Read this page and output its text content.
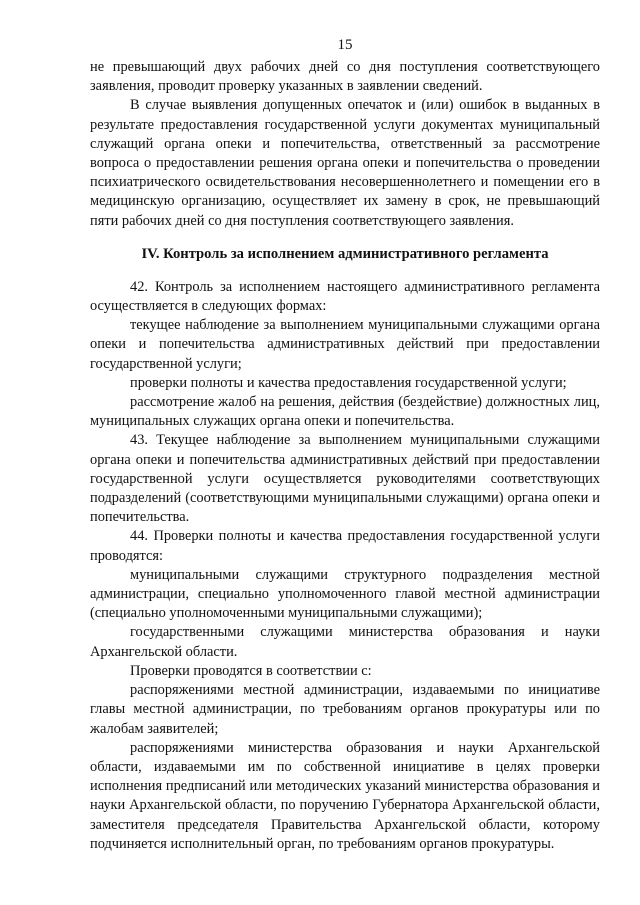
15

не превышающий двух рабочих дней со дня поступления соответствующего заявления, проводит проверку указанных в заявлении сведений.

В случае выявления допущенных опечаток и (или) ошибок в выданных в результате предоставления государственной услуги документах муниципальный служащий органа опеки и попечительства, ответственный за рассмотрение вопроса о предоставлении решения органа опеки и попечительства о проведении психиатрического освидетельствования несовершеннолетнего и помещении его в медицинскую организацию, осуществляет их замену в срок, не превышающий пяти рабочих дней со дня поступления соответствующего заявления.

IV. Контроль за исполнением административного регламента

42. Контроль за исполнением настоящего административного регламента осуществляется в следующих формах:

текущее наблюдение за выполнением муниципальными служащими органа опеки и попечительства административных действий при предоставлении государственной услуги;

проверки полноты и качества предоставления государственной услуги;

рассмотрение жалоб на решения, действия (бездействие) должностных лиц, муниципальных служащих органа опеки и попечительства.

43. Текущее наблюдение за выполнением муниципальными служащими органа опеки и попечительства административных действий при предоставлении государственной услуги осуществляется руководителями соответствующих подразделений (соответствующими муниципальными служащими) органа опеки и попечительства.

44. Проверки полноты и качества предоставления государственной услуги проводятся:

муниципальными служащими структурного подразделения местной администрации, специально уполномоченного главой местной администрации (специально уполномоченными муниципальными служащими);

государственными служащими министерства образования и науки Архангельской области.

Проверки проводятся в соответствии с:

распоряжениями местной администрации, издаваемыми по инициативе главы местной администрации, по требованиям органов прокуратуры или по жалобам заявителей;

распоряжениями министерства образования и науки Архангельской области, издаваемыми им по собственной инициативе в целях проверки исполнения предписаний или методических указаний министерства образования и науки Архангельской области, по поручению Губернатора Архангельской области, заместителя председателя Правительства Архангельской области, которому подчиняется исполнительный орган, по требованиям органов прокуратуры.
